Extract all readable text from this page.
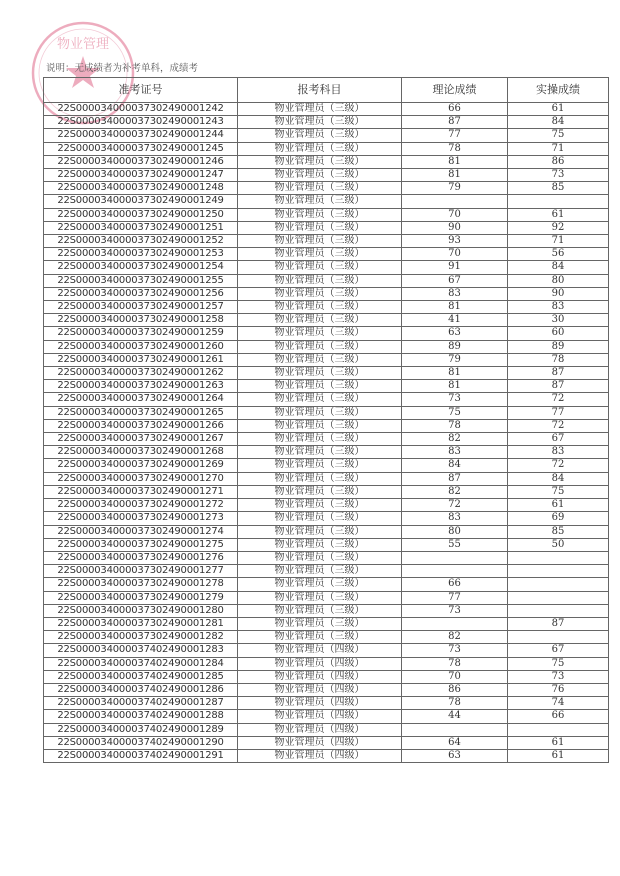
物业管理
说明：无成绩者为补考单科，成绩考
准考证号	报考科目	理论成绩	实操成绩
22S000034000037302490001242	物业管理员（三级）	66	61
22S000034000037302490001243	物业管理员（三级）	87	84
22S000034000037302490001244	物业管理员（三级）	77	75
22S000034000037302490001245	物业管理员（三级）	78	71
22S000034000037302490001246	物业管理员（三级）	81	86
22S000034000037302490001247	物业管理员（三级）	81	73
22S000034000037302490001248	物业管理员（三级）	79	85
22S000034000037302490001249	物业管理员（三级）		
22S000034000037302490001250	物业管理员（三级）	70	61
22S000034000037302490001251	物业管理员（三级）	90	92
22S000034000037302490001252	物业管理员（三级）	93	71
22S000034000037302490001253	物业管理员（三级）	70	56
22S000034000037302490001254	物业管理员（三级）	91	84
22S000034000037302490001255	物业管理员（三级）	67	80
22S000034000037302490001256	物业管理员（三级）	83	90
22S000034000037302490001257	物业管理员（三级）	81	83
22S000034000037302490001258	物业管理员（三级）	41	30
22S000034000037302490001259	物业管理员（三级）	63	60
22S000034000037302490001260	物业管理员（三级）	89	89
22S000034000037302490001261	物业管理员（三级）	79	78
22S000034000037302490001262	物业管理员（三级）	81	87
22S000034000037302490001263	物业管理员（三级）	81	87
22S000034000037302490001264	物业管理员（三级）	73	72
22S000034000037302490001265	物业管理员（三级）	75	77
22S000034000037302490001266	物业管理员（三级）	78	72
22S000034000037302490001267	物业管理员（三级）	82	67
22S000034000037302490001268	物业管理员（三级）	83	83
22S000034000037302490001269	物业管理员（三级）	84	72
22S000034000037302490001270	物业管理员（三级）	87	84
22S000034000037302490001271	物业管理员（三级）	82	75
22S000034000037302490001272	物业管理员（三级）	72	61
22S000034000037302490001273	物业管理员（三级）	83	69
22S000034000037302490001274	物业管理员（三级）	80	85
22S000034000037302490001275	物业管理员（三级）	55	50
22S000034000037302490001276	物业管理员（三级）		
22S000034000037302490001277	物业管理员（三级）		
22S000034000037302490001278	物业管理员（三级）	66	
22S000034000037302490001279	物业管理员（三级）	77	
22S000034000037302490001280	物业管理员（三级）	73	
22S000034000037302490001281	物业管理员（三级）		87
22S000034000037302490001282	物业管理员（三级）	82	
22S000034000037402490001283	物业管理员（四级）	73	67
22S000034000037402490001284	物业管理员（四级）	78	75
22S000034000037402490001285	物业管理员（四级）	70	73
22S000034000037402490001286	物业管理员（四级）	86	76
22S000034000037402490001287	物业管理员（四级）	78	74
22S000034000037402490001288	物业管理员（四级）	44	66
22S000034000037402490001289	物业管理员（四级）		
22S000034000037402490001290	物业管理员（四级）	64	61
22S000034000037402490001291	物业管理员（四级）	63	61
